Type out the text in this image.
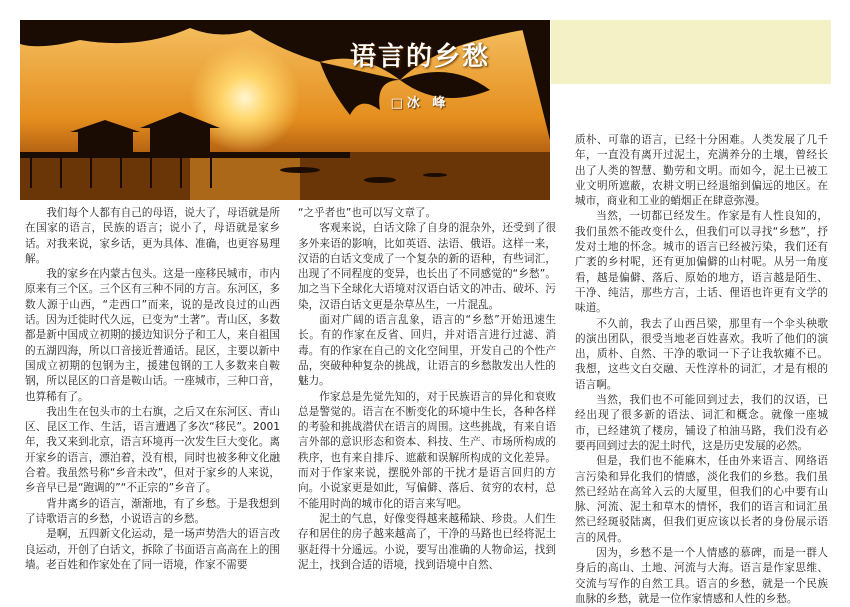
语言的乡愁

□冰 峰

我们每个人都有自己的母语，说大了，母语就是所在国家的语言，民族的语言；说小了，母语就是家乡话。对我来说，家乡话，更为具体、准确，也更容易理解。

我的家乡在内蒙古包头。这是一座移民城市，市内原来有三个区。三个区有三种不同的方言。东河区，多数人源于山西，“走西口”而来，说的是改良过的山西话。因为迁徙时代久远，已变为“土著”。青山区，多数都是新中国成立初期的援边知识分子和工人，来自祖国的五湖四海，所以口音接近普通话。昆区，主要以新中国成立初期的包钢为主，援建包钢的工人多数来自鞍钢，所以昆区的口音是鞍山话。一座城市，三种口音，也算稀有了。

我出生在包头市的土右旗，之后又在东河区、青山区、昆区工作、生活，语言遭遇了多次“移民”。2001年，我又来到北京，语言环境再一次发生巨大变化。离开家乡的语言，漂泊着，没有根，同时也被多种文化融合着。我虽然号称“乡音未改”，但对于家乡的人来说，乡音早已是“跑调的”“不正宗的”乡音了。

背井离乡的语言，渐渐地，有了乡愁。于是我想到了诗歌语言的乡愁，小说语言的乡愁。

是啊，五四新文化运动，是一场声势浩大的语言改良运动，开创了白话文，拆除了书面语言高高在上的围墙。老百姓和作家处在了同一语境，作家不需要

“之乎者也”也可以写文章了。

客观来说，白话文除了自身的混杂外，还受到了很多外来语的影响，比如英语、法语、俄语。这样一来，汉语的白话文变成了一个复杂的新的语种，有些词汇，出现了不同程度的变异，也长出了不同感觉的“乡愁”。加之当下全球化大语境对汉语白话文的冲击、破坏、污染，汉语白话文更是杂草丛生，一片混乱。

面对广阔的语言乱象，语言的“乡愁”开始迅速生长。有的作家在反省、回归，并对语言进行过滤、消毒。有的作家在自己的文化空间里，开发自己的个性产品，突破种种复杂的挑战，让语言的乡愁散发出人性的魅力。

作家总是先觉先知的，对于民族语言的异化和衰败总是警觉的。语言在不断变化的环境中生长，各种各样的考验和挑战潜伏在语言的周围。这些挑战，有来自语言外部的意识形态和资本、科技、生产、市场所构成的秩序，也有来自排斥、遮蔽和误解所构成的文化差异。而对于作家来说，摆脱外部的干扰才是语言回归的方向。小说家更是如此，写偏僻、落后、贫穷的农村，总不能用时尚的城市化的语言来写吧。

泥土的气息，好像变得越来越稀缺、珍贵。人们生存和居住的房子越来越高了，干净的马路也已经将泥土驱赶得十分遥远。小说，要写出准确的人物命运，找到泥土，找到合适的语境，找到语境中自然、

质朴、可靠的语言，已经十分困难。人类发展了几千年，一直没有离开过泥土，充满养分的土壤，曾经长出了人类的智慧、勤劳和文明。而如今，泥土已被工业文明所遮蔽，农耕文明已经退缩到偏远的地区。在城市，商业和工业的蛸烟正在肆意弥漫。

当然，一切都已经发生。作家是有人性良知的，我们虽然不能改变什么，但我们可以寻找“乡愁”，抒发对土地的怀念。城市的语言已经被污染，我们还有广袤的乡村呢，还有更加偏僻的山村呢。从另一角度看，越是偏僻、落后、原始的地方，语言越是陌生、干净、纯洁，那些方言，土话、俚语也许更有文学的味道。

不久前，我去了山西吕梁，那里有一个伞头秧歌的演出团队，很受当地老百姓喜欢。我听了他们的演出，质朴、自然、干净的歌词一下子让我软瘫不已。我想，这些文白交融、天性淳朴的词汇，才是有根的语言啊。

当然，我们也不可能回到过去，我们的汉语，已经出现了很多新的语法、词汇和概念。就像一座城市，已经建筑了楼房，铺设了柏油马路，我们没有必要再回到过去的泥土时代，这是历史发展的必然。

但是，我们也不能麻木，任由外来语言、网络语言污染和异化我们的情感，淡化我们的乡愁。我们虽然已经站在高耸入云的大厦里，但我们的心中要有山脉、河流、泥土和草木的情怀，我们的语言和词汇虽然已经斑驳陆离，但我们更应该以长者的身份展示语言的风骨。

因为，乡愁不是一个人情感的慕碑，而是一群人身后的高山、土地、河流与大海。语言是作家思维、交流与写作的自然工具。语言的乡愁，就是一个民族血脉的乡愁，就是一位作家情感和人性的乡愁。
